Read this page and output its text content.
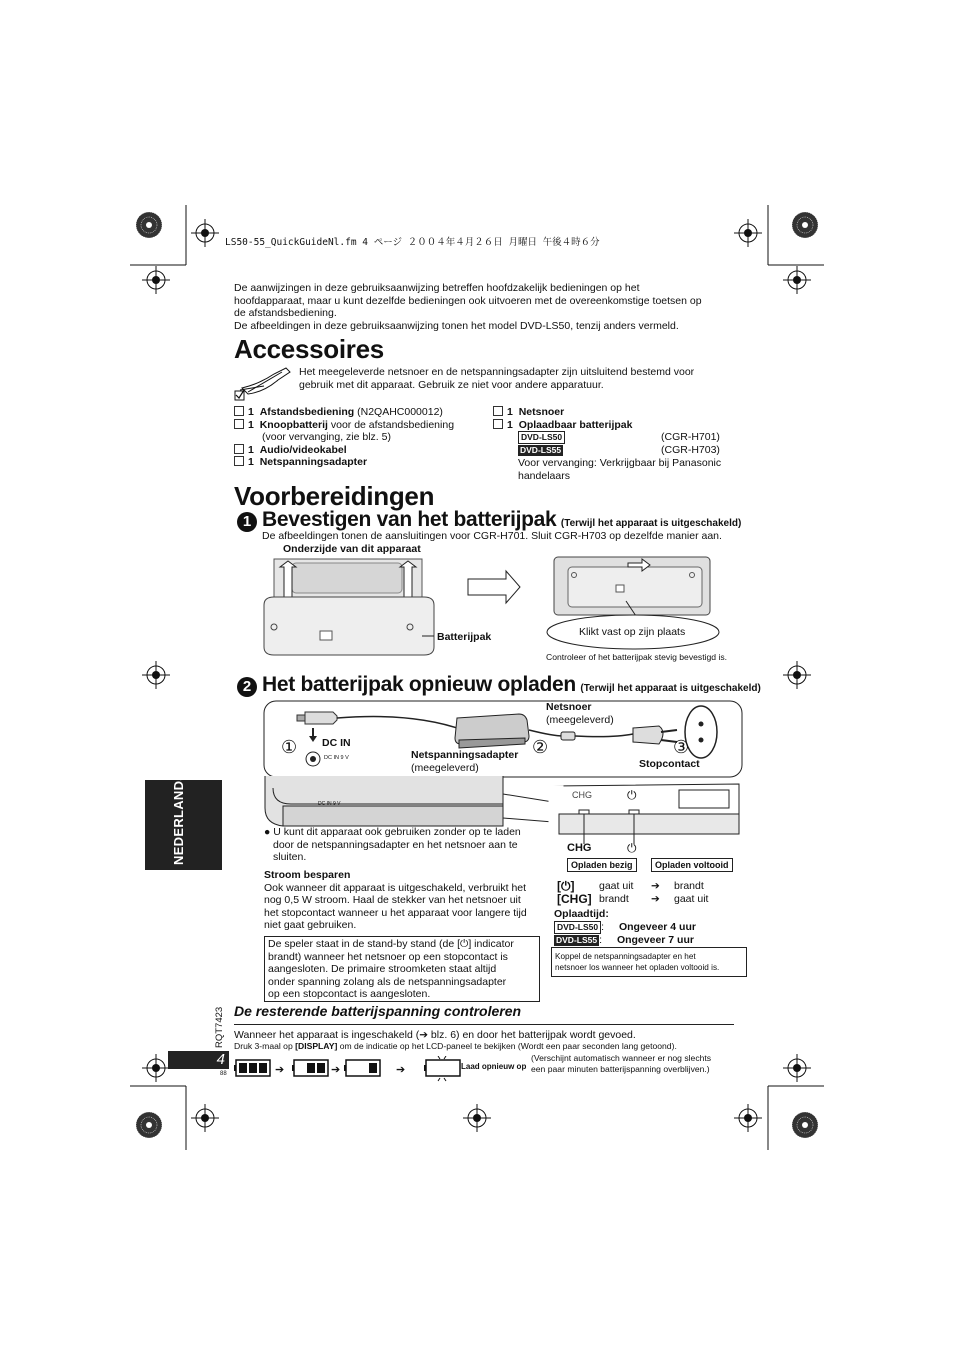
LS50-55_QuickGuideNl.fm 4 ページ ２００４年４月２６日 月曜日 午後４時６分
De aanwijzingen in deze gebruiksaanwijzing betreffen hoofdzakelijk bedieningen op het
hoofdapparaat, maar u kunt dezelfde bedieningen ook uitvoeren met de overeenkomstige toetsen op
de afstandsbediening.
De afbeeldingen in deze gebruiksaanwijzing tonen het model DVD-LS50, tenzij anders vermeld.
Accessoires
Het meegeleverde netsnoer en de netspanningsadapter zijn uitsluitend bestemd voor
gebruik met dit apparaat. Gebruik ze niet voor andere apparatuur.
1 Afstandsbediening (N2QAHC000012)
1 Knoopbatterij voor de afstandsbediening
(voor vervanging, zie blz. 5)
1 Audio/videokabel
1 Netspanningsadapter
1 Netsnoer
1 Oplaadbaar batterijpak
DVD-LS50	(CGR-H701)
DVD-LS55	(CGR-H703)
Voor vervanging: Verkrijgbaar bij Panasonic
handelaars
Voorbereidingen
1 Bevestigen van het batterijpak (Terwijl het apparaat is uitgeschakeld)
De afbeeldingen tonen de aansluitingen voor CGR-H701. Sluit CGR-H703 op dezelfde manier aan.
Onderzijde van dit apparaat
Batterijpak	Klikt vast op zijn plaats
Controleer of het batterijpak stevig bevestigd is.
2 Het batterijpak opnieuw opladen (Terwijl het apparaat is uitgeschakeld)
①	②	③
DC IN
DC IN 9 V
Netsnoer
(meegeleverd)
Netspanningsadapter
(meegeleverd)	Stopcontact
CHG	⏻
DC IN 9 V
NEDERLANDS	● U kunt dit apparaat ook gebruiken zonder op te laden
door de netspanningsadapter en het netsnoer aan te
sluiten.
Stroom besparen
Ook wanneer dit apparaat is uitgeschakeld, verbruikt het
nog 0,5 W stroom. Haal de stekker van het netsnoer uit
het stopcontact wanneer u het apparaat voor langere tijd
niet gaat gebruiken.
De speler staat in de stand-by stand (de [⏻] indicator
brandt) wanneer het netsnoer op een stopcontact is
aangesloten. De primaire stroomketen staat altijd
onder spanning zolang als de netspanningsadapter
op een stopcontact is aangesloten.
CHG	⏻
Opladen bezig	Opladen voltooid
[⏻] gaat uit ➔ brandt
[CHG] brandt ➔ gaat uit
Oplaadtijd:
DVD-LS50 : Ongeveer 4 uur
DVD-LS55 : Ongeveer 7 uur
Koppel de netspanningsadapter en het
netsnoer los wanneer het opladen voltooid is.
De resterende batterijspanning controleren
Wanneer het apparaat is ingeschakeld (➔ blz. 6) en door het batterijpak wordt gevoed.
Druk 3-maal op [DISPLAY] om de indicatie op het LCD-paneel te bekijken (Wordt een paar seconden lang getoond).
➔	➔	➔	Laad opnieuw op
(Verschijnt automatisch wanneer er nog slechts
een paar minuten batterijspanning overblijven.)
RQT7423
4
88
